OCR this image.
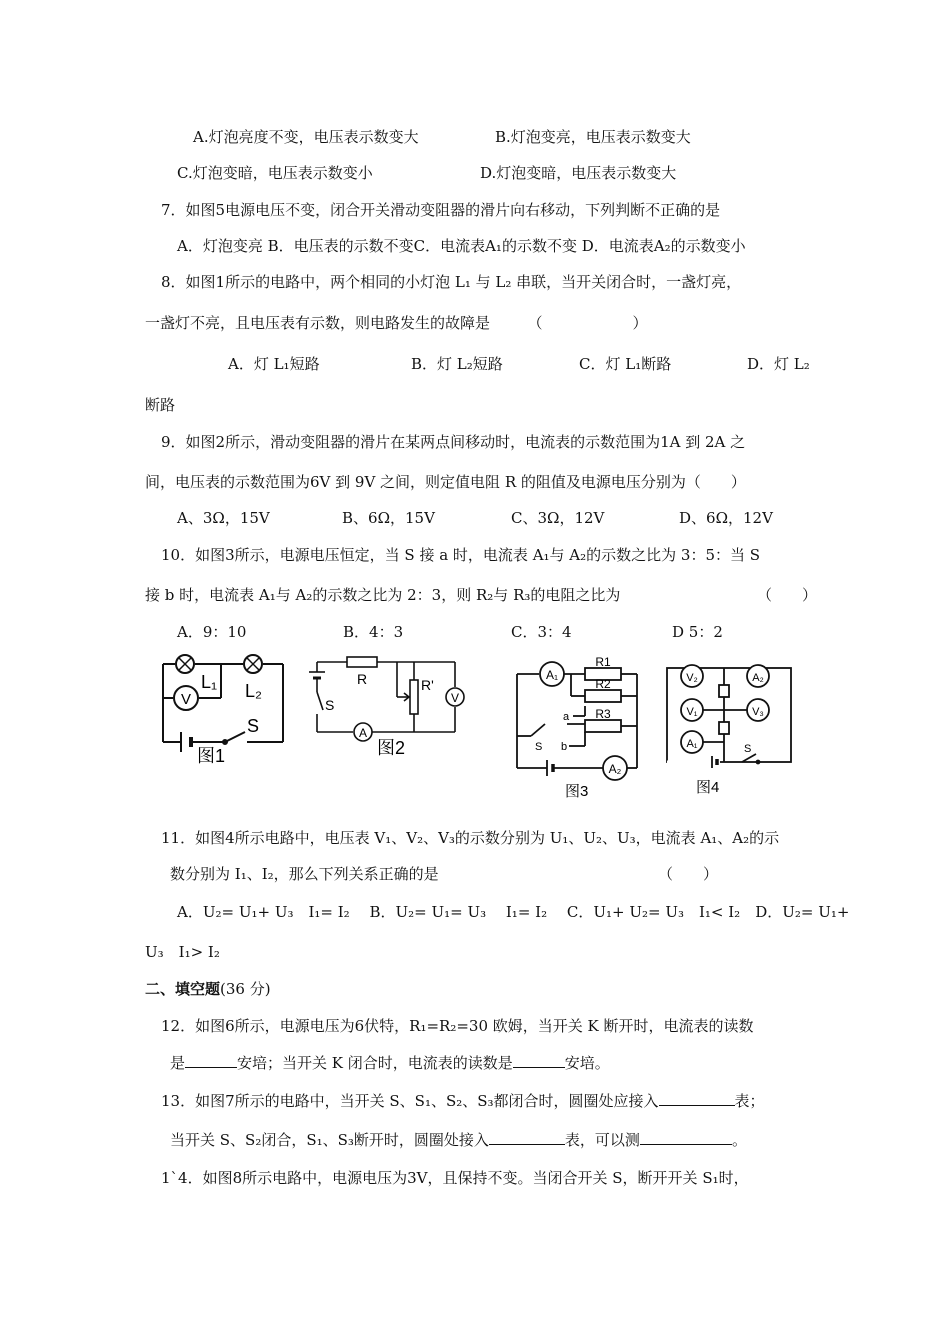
A.灯泡亮度不变，电压表示数变大	B.灯泡变亮，电压表示数变大
C.灯泡变暗，电压表示数变小	D.灯泡变暗，电压表示数变大
7．如图5电源电压不变，闭合开关滑动变阻器的滑片向右移动，下列判断不正确的是
A．灯泡变亮 B．电压表的示数不变C．电流表A₁的示数不变 D．电流表A₂的示数变小
8．如图1所示的电路中，两个相同的小灯泡 L₁ 与 L₂ 串联，当开关闭合时，一盏灯亮，
一盏灯不亮，且电压表有示数，则电路发生的故障是　　　（　　　　　　）
A．灯 L₁短路	B．灯 L₂短路	C．灯 L₁断路	D．灯 L₂
断路
9．如图2所示，滑动变阻器的滑片在某两点间移动时，电流表的示数范围为1A 到 2A 之
间，电压表的示数范围为6V 到 9V 之间，则定值电阻 R 的阻值及电源电压分别为（　　）
A、3Ω，15V	B、6Ω，15V	C、3Ω，12V	D、6Ω，12V
10．如图3所示，电源电压恒定，当 S 接 a 时，电流表 A₁与 A₂的示数之比为 3：5：当 S
接 b 时，电流表 A₁与 A₂的示数之比为 2：3，则 R₂与 R₃的电阻之比为	（　　）
A．9：10	B．4：3	C．3：4	D 5：2
V
L₁ L₂
S
图1
R	R'
V
A
S
图2
A₁
A₂
R1
R2
R3
S
a
b
图3
V₂	A₂
V₁	V₃
A₁	S
图4
11．如图4所示电路中，电压表 V₁、V₂、V₃的示数分别为 U₁、U₂、U₃，电流表 A₁、A₂的示
数分别为 I₁、I₂，那么下列关系正确的是	（　　）
A．U₂= U₁+ U₃　I₁= I₂　 B．U₂= U₁= U₃　 I₁= I₂　 C．U₁+ U₂= U₃　I₁< I₂　D．U₂= U₁+
U₃　I₁> I₂
二、填空题(36 分)
12．如图6所示，电源电压为6伏特，R₁=R₂=30 欧姆，当开关 K 断开时，电流表的读数
是	安培；当开关 K 闭合时，电流表的读数是	安培。
13．如图7所示的电路中，当开关 S、S₁、S₂、S₃都闭合时，圆圈处应接入	表；
当开关 S、S₂闭合，S₁、S₃断开时，圆圈处接入	表，可以测	。
1`4．如图8所示电路中，电源电压为3V，且保持不变。当闭合开关 S，断开开关 S₁时，
